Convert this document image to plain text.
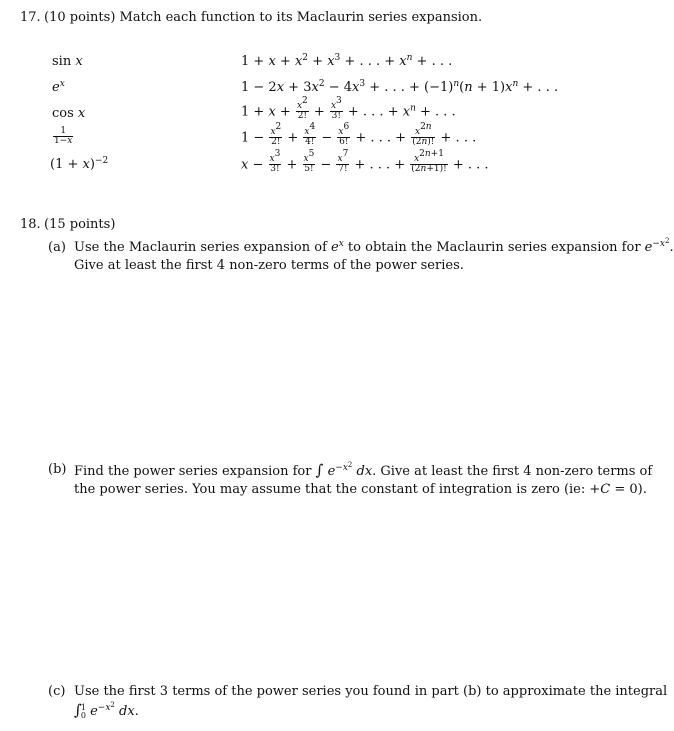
17. (10 points) Match each function to its Maclaurin series expansion.
sin x
$e^x$
cos x
$\frac{1}{1-x}$
$(1 + x)^{-2}$
$1 + x + x^2 + x^3$ + . . . + $x^n$ + . . .
$1 - 2x + 3x^2 - 4x^3$ + . . . + $(-1)^n(n + 1)x^n$ + . . .
$1 + x + \frac{x^2}{2!} + \frac{x^3}{3!}$ + . . . + $x^n$ + . . .
$1 - \frac{x^2}{2!} + \frac{x^4}{4!} - \frac{x^6}{6!}$ + . . . + $\frac{x^{2n}}{(2n)!}$ + . . .
$x - \frac{x^3}{3!} + \frac{x^5}{5!} - \frac{x^7}{7!}$ + . . . + $\frac{x^{2n+1}}{(2n+1)!}$ + . . .
18. (15 points)
(a) Use the Maclaurin series expansion of $e^x$ to obtain the Maclaurin series expansion for $e^{-x^2}$.
Give at least the first 4 non-zero terms of the power series.
(b) Find the power series expansion for ∫ $e^{-x^2}$ dx. Give at least the first 4 non-zero terms of
the power series. You may assume that the constant of integration is zero (ie: +C = 0).
(c) Use the first 3 terms of the power series you found in part (b) to approximate the integral
∫ 1
0 $e^{-x^2}$ dx.
